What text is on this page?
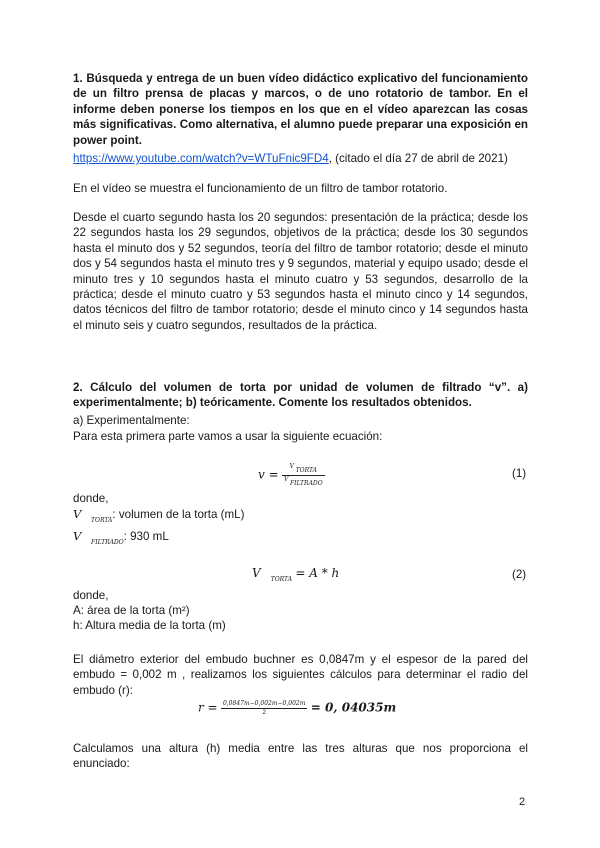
1. Búsqueda y entrega de un buen vídeo didáctico explicativo del funcionamiento de un filtro prensa de placas y marcos, o de uno rotatorio de tambor. En el informe deben ponerse los tiempos en los que en el vídeo aparezcan las cosas más significativas. Como alternativa, el alumno puede preparar una exposición en power point.

https://www.youtube.com/watch?v=WTuFnic9FD4, (citado el día 27 de abril de 2021)

En el vídeo se muestra el funcionamiento de un filtro de tambor rotatorio.

Desde el cuarto segundo hasta los 20 segundos: presentación de la práctica; desde los 22 segundos hasta los 29 segundos, objetivos de la práctica; desde los 30 segundos hasta el minuto dos y 52 segundos, teoría del filtro de tambor rotatorio; desde el minuto dos y 54 segundos hasta el minuto tres y 9 segundos, material y equipo usado; desde el minuto tres y 10 segundos hasta el minuto cuatro y 53 segundos, desarrollo de la práctica; desde el minuto cuatro y 53 segundos hasta el minuto cinco y 14 segundos, datos técnicos del filtro de tambor rotatorio; desde el minuto cinco y 14 segundos hasta el minuto seis y cuatro segundos, resultados de la práctica.

2. Cálculo del volumen de torta por unidad de volumen de filtrado “v”. a) experimentalmente; b) teóricamente. Comente los resultados obtenidos.

a) Experimentalmente:
Para esta primera parte vamos a usar la siguiente ecuación:
$v = \frac{\text{V TORTA}}{\text{V FILTRADO}}$	(1)
donde,
V $_{TORTA}$: volumen de la torta (mL)
V $_{FILTRADO}$: 930 mL
V $_{TORTA}$ = A * h	(2)
donde,
A: área de la torta (m²)
h: Altura media de la torta (m)

El diámetro exterior del embudo buchner es 0,0847m y el espesor de la pared del embudo = 0,002 m , realizamos los siguientes cálculos para determinar el radio del embudo (r):

$r = \frac{0,0847m-0,002m-0,002m}{2} = 0$, 04035m

Calculamos una altura (h) media entre las tres alturas que nos proporciona el enunciado:

2
